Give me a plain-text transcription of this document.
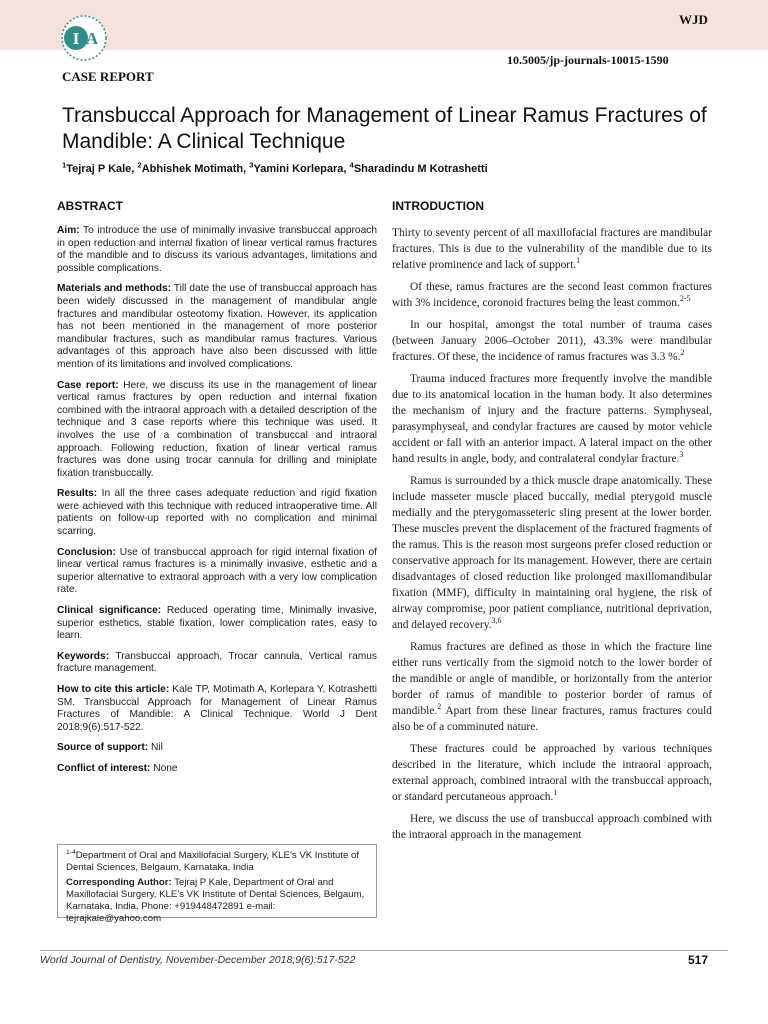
I A
WJD
10.5005/jp-journals-10015-1590
CASE REPORT
Transbuccal Approach for Management of Linear Ramus Fractures of Mandible: A Clinical Technique
$^1$Tejraj P Kale, $^2$Abhishek Motimath, $^3$Yamini Korlepara, $^4$Sharadindu M Kotrashetti
ABSTRACT

Aim: To introduce the use of minimally invasive transbuccal approach in open reduction and internal fixation of linear vertical ramus fractures of the mandible and to discuss its various advantages, limitations and possible complications.

Materials and methods: Till date the use of transbuccal approach has been widely discussed in the management of mandibular angle fractures and mandibular osteotomy fixation. However, its application has not been mentioned in the management of more posterior mandibular fractures, such as mandibular ramus fractures. Various advantages of this approach have also been discussed with little mention of its limitations and involved complications.

Case report: Here, we discuss its use in the management of linear vertical ramus fractures by open reduction and internal fixation combined with the intraoral approach with a detailed description of the technique and 3 case reports where this technique was used. It involves the use of a combination of transbuccal and intraoral approach. Following reduction, fixation of linear vertical ramus fractures was done using trocar cannula for drilling and miniplate fixation transbuccally.

Results: In all the three cases adequate reduction and rigid fixation were achieved with this technique with reduced intraoperative time. All patients on follow-up reported with no complication and minimal scarring.

Conclusion: Use of transbuccal approach for rigid internal fixation of linear vertical ramus fractures is a minimally invasive, esthetic and a superior alternative to extraoral approach with a very low complication rate.

Clinical significance: Reduced operating time, Minimally invasive, superior esthetics, stable fixation, lower complication rates, easy to learn.

Keywords: Transbuccal approach, Trocar cannula, Vertical ramus fracture management.

How to cite this article: Kale TP, Motimath A, Korlepara Y, Kotrashetti SM. Transbuccal Approach for Management of Linear Ramus Fractures of Mandible: A Clinical Technique. World J Dent 2018;9(6):517-522.

Source of support: Nil

Conflict of interest: None

$^{1-4}$Department of Oral and Maxillofacial Surgery, KLE’s VK Institute of Dental Sciences, Belgaum, Karnataka, India

Corresponding Author: Tejraj P Kale, Department of Oral and Maxillofacial Surgery, KLE’s VK Institute of Dental Sciences, Belgaum, Karnataka, India, Phone: +919448472891 e-mail: tejrajkale@yahoo.com

INTRODUCTION

Thirty to seventy percent of all maxillofacial fractures are mandibular fractures. This is due to the vulnerability of the mandible due to its relative prominence and lack of support.$^1$

Of these, ramus fractures are the second least common fractures with 3% incidence, coronoid fractures being the least common.$^{2-5}$

In our hospital, amongst the total number of trauma cases (between January 2006–October 2011), 43.3% were mandibular fractures. Of these, the incidence of ramus fractures was 3.3 %.$^2$

Trauma induced fractures more frequently involve the mandible due to its anatomical location in the human body. It also determines the mechanism of injury and the fracture patterns. Symphyseal, parasymphyseal, and condylar fractures are caused by motor vehicle accident or fall with an anterior impact. A lateral impact on the other hand results in angle, body, and contralateral condylar fracture.$^3$

Ramus is surrounded by a thick muscle drape anatomically. These include masseter muscle placed buccally, medial pterygoid muscle medially and the pterygomasseteric sling present at the lower border. These muscles prevent the displacement of the fractured fragments of the ramus. This is the reason most surgeons prefer closed reduction or conservative approach for its management. However, there are certain disadvantages of closed reduction like prolonged maxillomandibular fixation (MMF), difficulty in maintaining oral hygiene, the risk of airway compromise, poor patient compliance, nutritional deprivation, and delayed recovery.$^{3,6}$

Ramus fractures are defined as those in which the fracture line either runs vertically from the sigmoid notch to the lower border of the mandible or angle of mandible, or horizontally from the anterior border of ramus of mandible to posterior border of ramus of mandible.$^2$ Apart from these linear fractures, ramus fractures could also be of a comminuted nature.

These fractures could be approached by various techniques described in the literature, which include the intraoral approach, external approach, combined intraoral with the transbuccal approach, or standard percutaneous approach.$^1$

Here, we discuss the use of transbuccal approach combined with the intraoral approach in the management

World Journal of Dentistry, November-December 2018;9(6):517-522	517
